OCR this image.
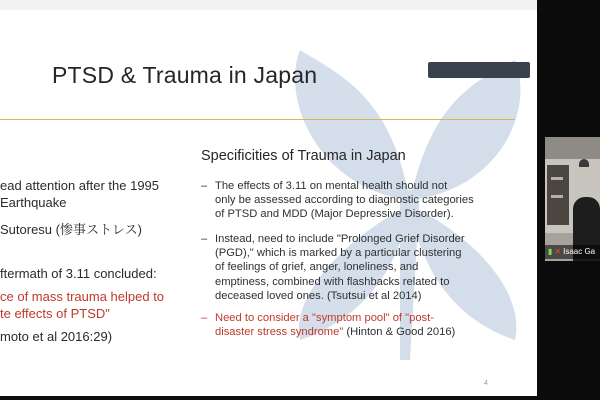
PTSD & Trauma in Japan
ead attention after the 1995
Earthquake
Sutoresu (惨事ストレス)
ftermath of 3.11 concluded:
ce of mass trauma helped to
te effects of PTSD"
moto et al 2016:29)
Specificities of Trauma in Japan
– The effects of 3.11 on mental health should not
only be assessed according to diagnostic categories
of PTSD and MDD (Major Depressive Disorder).
– Instead, need to include "Prolonged Grief Disorder
(PGD)," which is marked by a particular clustering
of feelings of grief, anger, loneliness, and
emptiness, combined with flashbacks related to
deceased loved ones. (Tsutsui et al 2014)
– Need to consider a "symptom pool" of "post-
disaster stress syndrome" (Hinton & Good 2016)
4
▮ ✕ Isaac Ga
